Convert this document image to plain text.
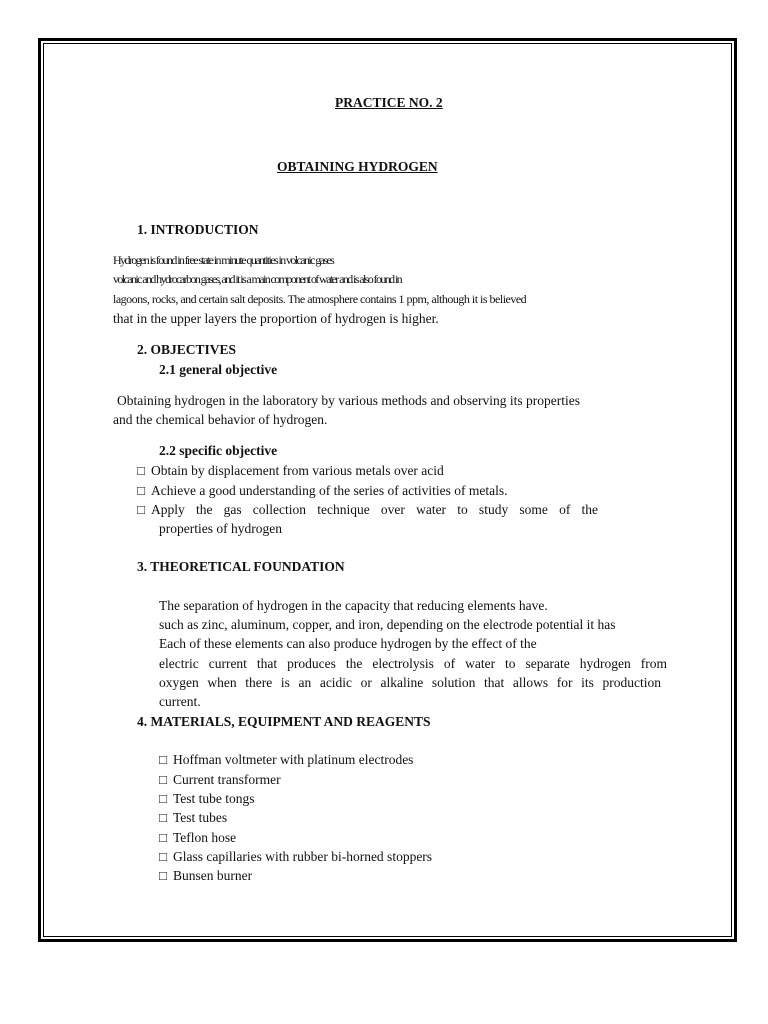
PRACTICE NO. 2
OBTAINING HYDROGEN
1. INTRODUCTION
Hydrogen is found in free state in minute quantities in volcanic gases
volcanic and hydrocarbon gases, and it is a main component of water and is also found in
lagoons, rocks, and certain salt deposits. The atmosphere contains 1 ppm, although it is believed
that in the upper layers the proportion of hydrogen is higher.
2. OBJECTIVES
2.1 general objective
Obtaining hydrogen in the laboratory by various methods and observing its properties
and the chemical behavior of hydrogen.
2.2 specific objective
□ Obtain by displacement from various metals over acid
□ Achieve a good understanding of the series of activities of metals.
□ Apply the gas collection technique over water to study some of the
properties of hydrogen
3. THEORETICAL FOUNDATION
The separation of hydrogen in the capacity that reducing elements have.
such as zinc, aluminum, copper, and iron, depending on the electrode potential it has
Each of these elements can also produce hydrogen by the effect of the
electric current that produces the electrolysis of water to separate hydrogen from
oxygen when there is an acidic or alkaline solution that allows for its production
current.
4. MATERIALS, EQUIPMENT AND REAGENTS
□ Hoffman voltmeter with platinum electrodes
□ Current transformer
□ Test tube tongs
□ Test tubes
□ Teflon hose
□ Glass capillaries with rubber bi-horned stoppers
□ Bunsen burner
